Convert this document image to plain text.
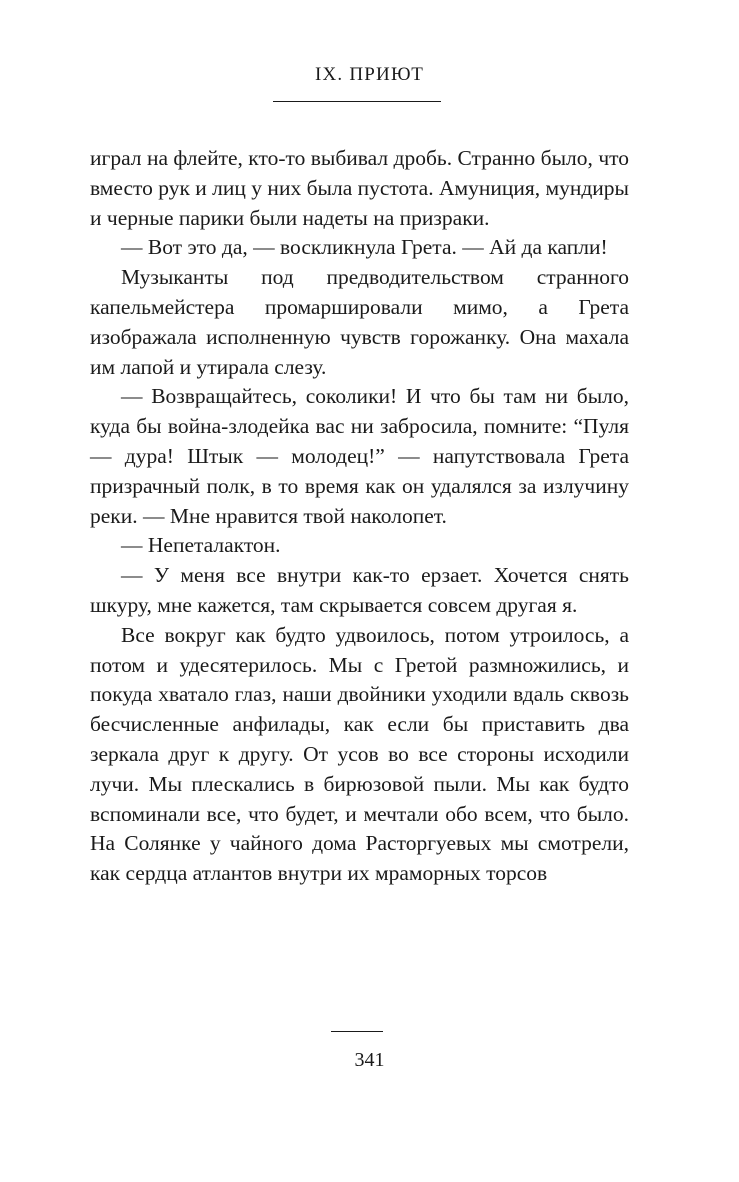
IX. ПРИЮТ

играл на флейте, кто-то выбивал дробь. Странно было, что вместо рук и лиц у них была пустота. Амуниция, мундиры и черные парики были надеты на призраки.

— Вот это да, — воскликнула Грета. — Ай да капли!

Музыканты под предводительством странного капельмейстера промаршировали мимо, а Грета изображала исполненную чувств горожанку. Она махала им лапой и утирала слезу.

— Возвращайтесь, соколики! И что бы там ни было, куда бы война-злодейка вас ни забросила, помните: “Пуля — дура! Штык — молодец!” — напутствовала Грета призрачный полк, в то время как он удалялся за излучину реки. — Мне нравится твой наколопет.

— Непеталактон.

— У меня все внутри как-то ерзает. Хочется снять шкуру, мне кажется, там скрывается совсем другая я.

Все вокруг как будто удвоилось, потом утроилось, а потом и удесятерилось. Мы с Гретой размножились, и покуда хватало глаз, наши двойники уходили вдаль сквозь бесчисленные анфилады, как если бы приставить два зеркала друг к другу. От усов во все стороны исходили лучи. Мы плескались в бирюзовой пыли. Мы как будто вспоминали все, что будет, и мечтали обо всем, что было. На Солянке у чайного дома Расторгуевых мы смотрели, как сердца атлантов внутри их мраморных торсов

341
